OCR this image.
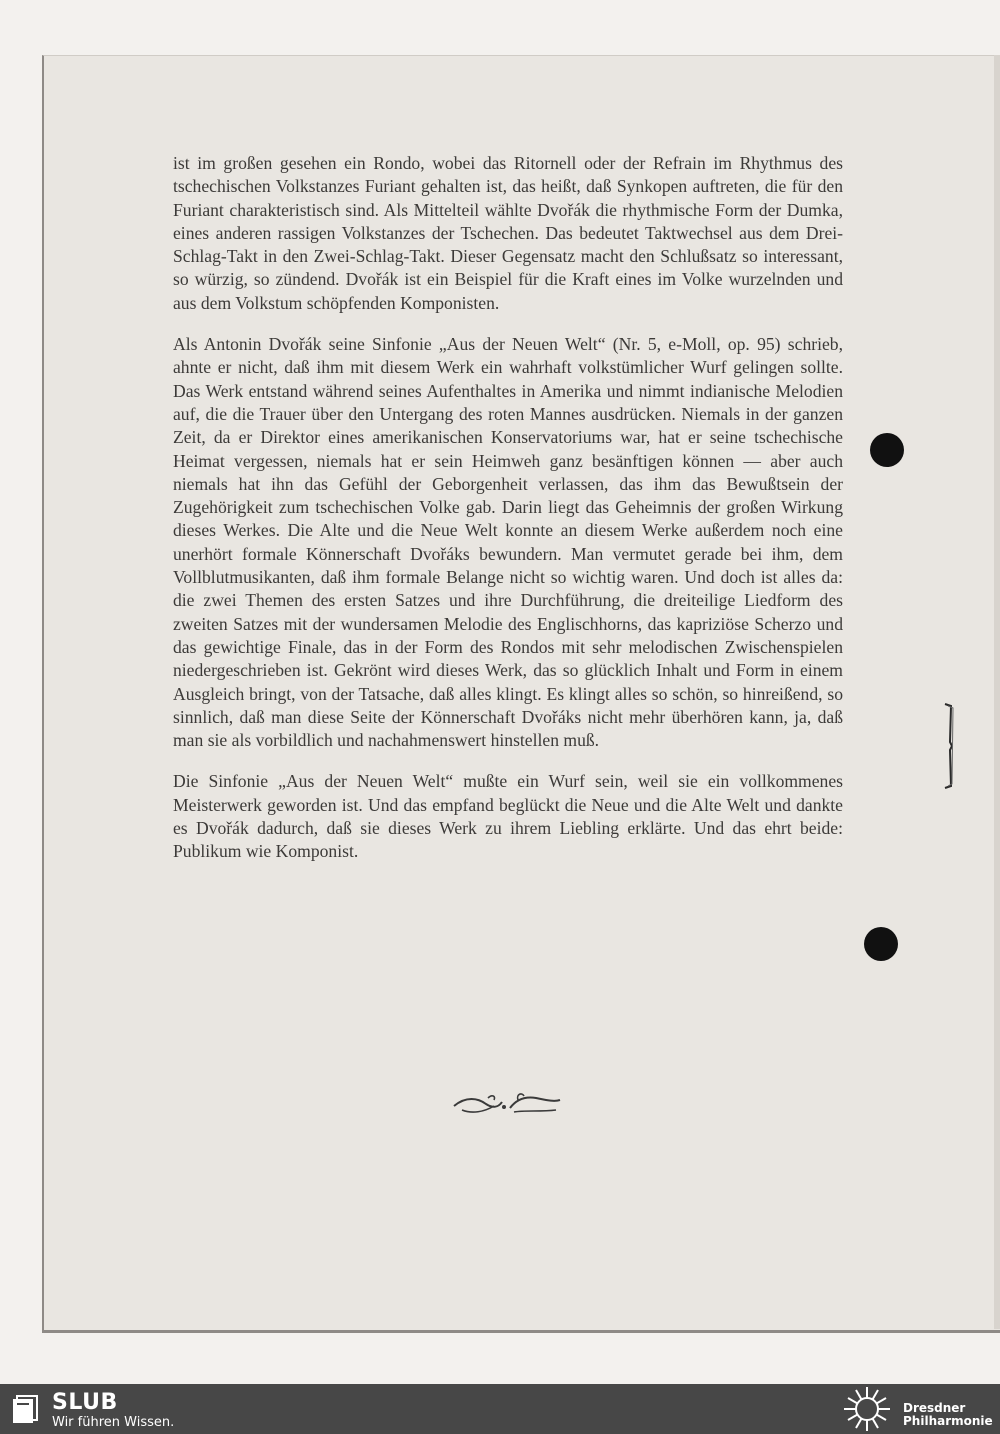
ist im großen gesehen ein Rondo, wobei das Ritornell oder der Refrain im Rhythmus des tschechischen Volkstanzes Furiant gehalten ist, das heißt, daß Synkopen auftreten, die für den Furiant charakteristisch sind. Als Mittelteil wählte Dvořák die rhythmische Form der Dumka, eines anderen rassigen Volkstanzes der Tschechen. Das bedeutet Taktwechsel aus dem Drei-Schlag-Takt in den Zwei-Schlag-Takt. Dieser Gegensatz macht den Schlußsatz so interessant, so würzig, so zündend. Dvořák ist ein Beispiel für die Kraft eines im Volke wurzelnden und aus dem Volkstum schöpfenden Komponisten.

Als Antonin Dvořák seine Sinfonie „Aus der Neuen Welt“ (Nr. 5, e-Moll, op. 95) schrieb, ahnte er nicht, daß ihm mit diesem Werk ein wahrhaft volkstümlicher Wurf gelingen sollte. Das Werk entstand während seines Aufenthaltes in Amerika und nimmt indianische Melodien auf, die die Trauer über den Untergang des roten Mannes ausdrücken. Niemals in der ganzen Zeit, da er Direktor eines amerikanischen Konservatoriums war, hat er seine tschechische Heimat vergessen, niemals hat er sein Heimweh ganz besänftigen können — aber auch niemals hat ihn das Gefühl der Geborgenheit verlassen, das ihm das Bewußtsein der Zugehörigkeit zum tschechischen Volke gab. Darin liegt das Geheimnis der großen Wirkung dieses Werkes. Die Alte und die Neue Welt konnte an diesem Werke außerdem noch eine unerhört formale Könnerschaft Dvořáks bewundern. Man vermutet gerade bei ihm, dem Vollblutmusikanten, daß ihm formale Belange nicht so wichtig waren. Und doch ist alles da: die zwei Themen des ersten Satzes und ihre Durchführung, die dreiteilige Liedform des zweiten Satzes mit der wundersamen Melodie des Englischhorns, das kapriziöse Scherzo und das gewichtige Finale, das in der Form des Rondos mit sehr melodischen Zwischenspielen niedergeschrieben ist. Gekrönt wird dieses Werk, das so glücklich Inhalt und Form in einem Ausgleich bringt, von der Tatsache, daß alles klingt. Es klingt alles so schön, so hinreißend, so sinnlich, daß man diese Seite der Könnerschaft Dvořáks nicht mehr überhören kann, ja, daß man sie als vorbildlich und nachahmenswert hinstellen muß.

Die Sinfonie „Aus der Neuen Welt“ mußte ein Wurf sein, weil sie ein vollkommenes Meisterwerk geworden ist. Und das empfand beglückt die Neue und die Alte Welt und dankte es Dvořák dadurch, daß sie dieses Werk zu ihrem Liebling erklärte. Und das ehrt beide: Publikum wie Komponist.

SLUB
Wir führen Wissen.
Dresdner
Philharmonie
